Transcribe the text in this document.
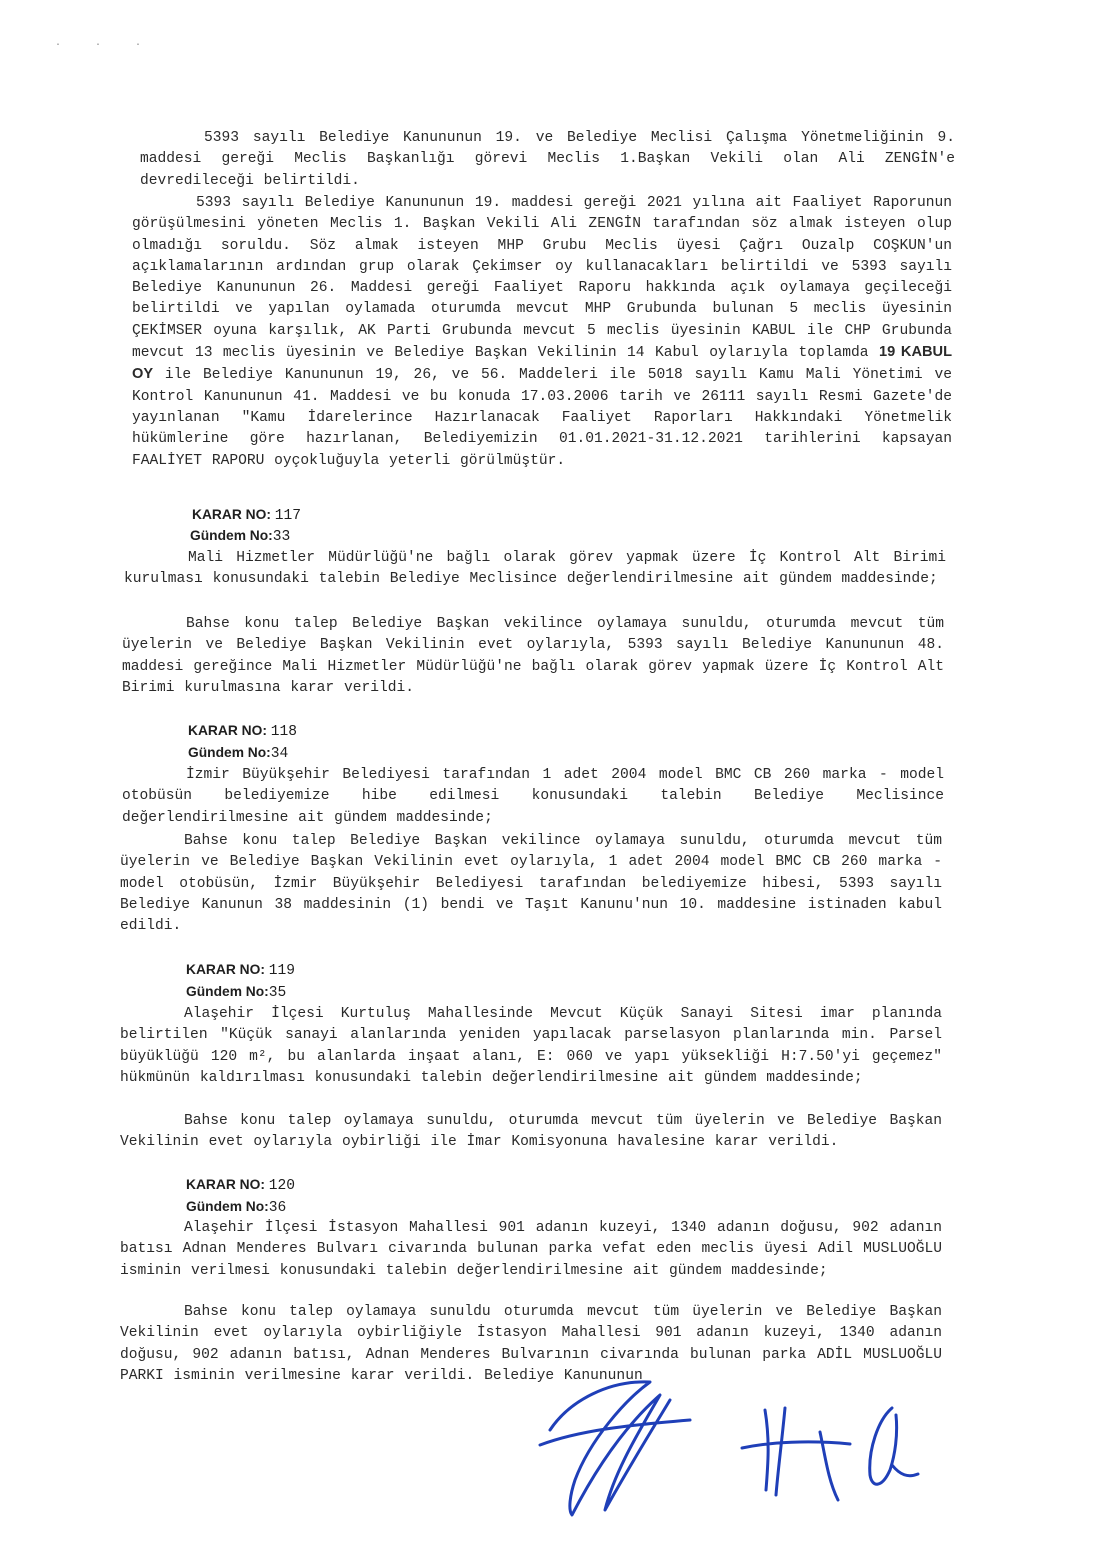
· · ·

5393 sayılı Belediye Kanununun 19. ve Belediye Meclisi Çalışma Yönetmeliğinin 9. maddesi gereği Meclis Başkanlığı görevi Meclis 1.Başkan Vekili olan Ali ZENGİN'e devredileceği belirtildi.

5393 sayılı Belediye Kanununun 19. maddesi gereği 2021 yılına ait Faaliyet Raporunun görüşülmesini yöneten Meclis 1. Başkan Vekili Ali ZENGİN tarafından söz almak isteyen olup olmadığı soruldu. Söz almak isteyen MHP Grubu Meclis üyesi Çağrı Ouzalp COŞKUN'un açıklamalarının ardından grup olarak Çekimser oy kullanacakları belirtildi ve 5393 sayılı Belediye Kanununun 26. Maddesi gereği Faaliyet Raporu hakkında açık oylamaya geçileceği belirtildi ve yapılan oylamada oturumda mevcut MHP Grubunda bulunan 5 meclis üyesinin ÇEKİMSER oyuna karşılık, AK Parti Grubunda mevcut 5 meclis üyesinin KABUL ile CHP Grubunda mevcut 13 meclis üyesinin ve Belediye Başkan Vekilinin 14 Kabul oylarıyla toplamda 19 KABUL OY ile Belediye Kanununun 19, 26, ve 56. Maddeleri ile 5018 sayılı Kamu Mali Yönetimi ve Kontrol Kanununun 41. Maddesi ve bu konuda 17.03.2006 tarih ve 26111 sayılı Resmi Gazete'de yayınlanan "Kamu İdarelerince Hazırlanacak Faaliyet Raporları Hakkındaki Yönetmelik hükümlerine göre hazırlanan, Belediyemizin 01.01.2021-31.12.2021 tarihlerini kapsayan FAALİYET RAPORU oyçokluğuyla yeterli görülmüştür.

KARAR NO: 117
Gündem No:33

Mali Hizmetler Müdürlüğü'ne bağlı olarak görev yapmak üzere İç Kontrol Alt Birimi kurulması konusundaki talebin Belediye Meclisince değerlendirilmesine ait gündem maddesinde;

Bahse konu talep Belediye Başkan vekilince oylamaya sunuldu, oturumda mevcut tüm üyelerin ve Belediye Başkan Vekilinin evet oylarıyla, 5393 sayılı Belediye Kanununun 48. maddesi gereğince Mali Hizmetler Müdürlüğü'ne bağlı olarak görev yapmak üzere İç Kontrol Alt Birimi kurulmasına karar verildi.

KARAR NO: 118
Gündem No:34

İzmir Büyükşehir Belediyesi tarafından 1 adet 2004 model BMC CB 260 marka - model otobüsün belediyemize hibe edilmesi konusundaki talebin Belediye Meclisince değerlendirilmesine ait gündem maddesinde;

Bahse konu talep Belediye Başkan vekilince oylamaya sunuldu, oturumda mevcut tüm üyelerin ve Belediye Başkan Vekilinin evet oylarıyla, 1 adet 2004 model BMC CB 260 marka - model otobüsün, İzmir Büyükşehir Belediyesi tarafından belediyemize hibesi, 5393 sayılı Belediye Kanunun 38 maddesinin (1) bendi ve Taşıt Kanunu'nun 10. maddesine istinaden kabul edildi.

KARAR NO: 119
Gündem No:35

Alaşehir İlçesi Kurtuluş Mahallesinde Mevcut Küçük Sanayi Sitesi imar planında belirtilen "Küçük sanayi alanlarında yeniden yapılacak parselasyon planlarında min. Parsel büyüklüğü 120 m², bu alanlarda inşaat alanı, E: 060 ve yapı yüksekliği H:7.50'yi geçemez" hükmünün kaldırılması konusundaki talebin değerlendirilmesine ait gündem maddesinde;

Bahse konu talep oylamaya sunuldu, oturumda mevcut tüm üyelerin ve Belediye Başkan Vekilinin evet oylarıyla oybirliği ile İmar Komisyonuna havalesine karar verildi.

KARAR NO: 120
Gündem No:36

Alaşehir İlçesi İstasyon Mahallesi 901 adanın kuzeyi, 1340 adanın doğusu, 902 adanın batısı Adnan Menderes Bulvarı civarında bulunan parka vefat eden meclis üyesi Adil MUSLUOĞLU isminin verilmesi konusundaki talebin değerlendirilmesine ait gündem maddesinde;

Bahse konu talep oylamaya sunuldu oturumda mevcut tüm üyelerin ve Belediye Başkan Vekilinin evet oylarıyla oybirliğiyle İstasyon Mahallesi 901 adanın kuzeyi, 1340 adanın doğusu, 902 adanın batısı, Adnan Menderes Bulvarının civarında bulunan parka ADİL MUSLUOĞLU PARKI isminin verilmesine karar verildi. Belediye Kanununun
